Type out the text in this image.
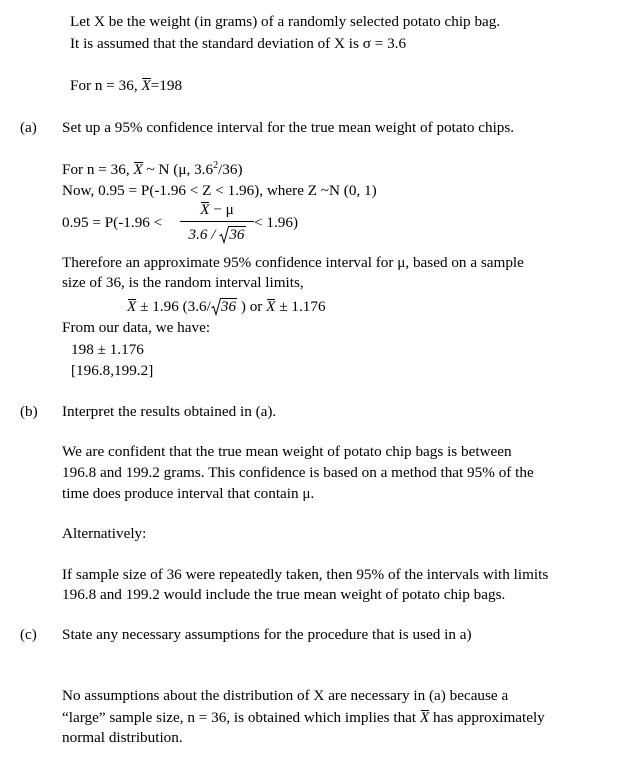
Let X be the weight (in grams) of a randomly selected potato chip bag.
It is assumed that the standard deviation of X is σ = 3.6
For n = 36, X=198
(a) Set up a 95% confidence interval for the true mean weight of potato chips.
For n = 36, X ~ N (μ, $3.6^2/36$)
Now, 0.95 = P(-1.96 < Z < 1.96), where Z ~N (0, 1)
0.95 = P(-1.96 <
X − μ
3.6 /
36
< 1.96)
Therefore an approximate 95% confidence interval for μ, based on a sample
size of 36, is the random interval limits,
X ± 1.96 (3.6/ 36 ) or X ± 1.176
From our data, we have:
198 ± 1.176
[196.8,199.2]
(b) Interpret the results obtained in (a).
We are confident that the true mean weight of potato chip bags is between
196.8 and 199.2 grams. This confidence is based on a method that 95% of the
time does produce interval that contain μ.
Alternatively:
If sample size of 36 were repeatedly taken, then 95% of the intervals with limits
196.8 and 199.2 would include the true mean weight of potato chip bags.
(c) State any necessary assumptions for the procedure that is used in a)
No assumptions about the distribution of X are necessary in (a) because a
“large” sample size, n = 36, is obtained which implies that X has approximately
normal distribution.
